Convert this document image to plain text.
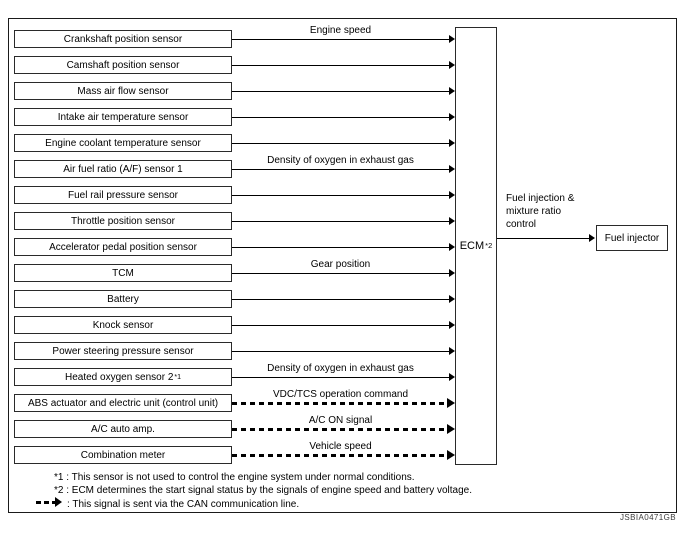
Crankshaft position sensor
Engine speed
Camshaft position sensor
Mass air flow sensor
Intake air temperature sensor
Engine coolant temperature sensor
Air fuel ratio (A/F) sensor 1
Density of oxygen in exhaust gas
Fuel rail pressure sensor
Throttle position sensor
Accelerator pedal position sensor
TCM
Gear position
Battery
Knock sensor
Power steering pressure sensor
Heated oxygen sensor 2 *1
Density of oxygen in exhaust gas
ABS actuator and electric unit (control unit)
VDC/TCS operation command
A/C auto amp.
A/C ON signal
Combination meter
Vehicle speed
ECM *2
Fuel injection &
mixture ratio
control
Fuel injector
*1 : This sensor is not used to control the engine system under normal conditions.
*2 : ECM determines the start signal status by the signals of engine speed and battery voltage.
: This signal is sent via the CAN communication line.
JSBІA0471GB
